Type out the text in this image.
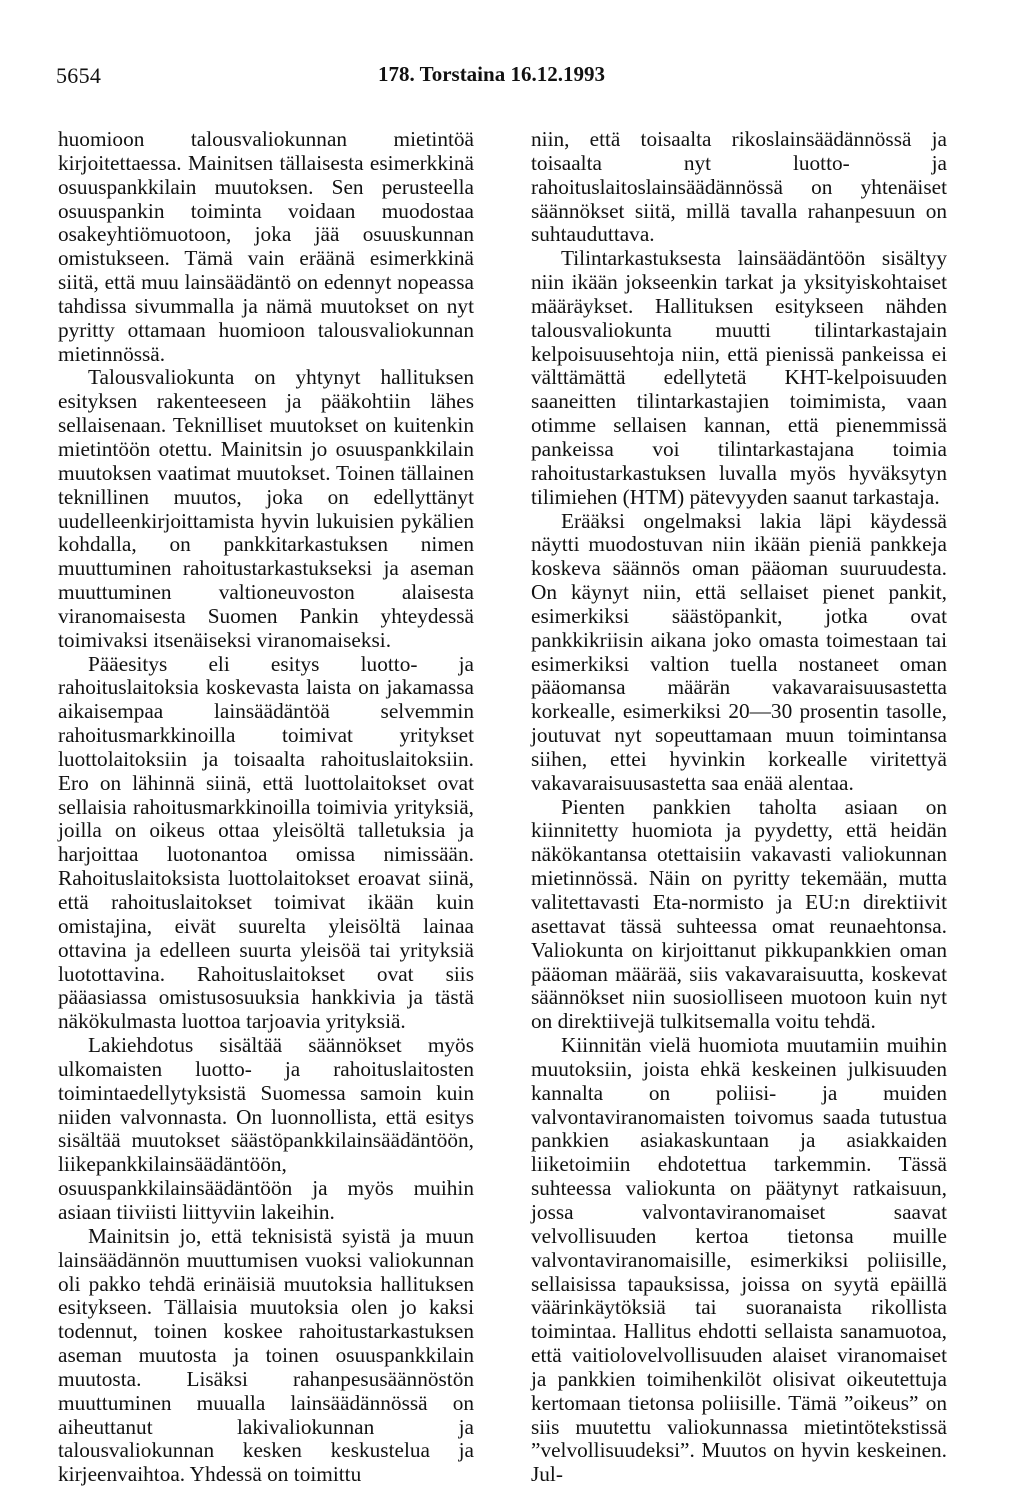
5654	178. Torstaina 16.12.1993

huomioon talousvaliokunnan mietintöä kirjoitettaessa. Mainitsen tällaisesta esimerkkinä osuuspankkilain muutoksen. Sen perusteella osuuspankin toiminta voidaan muodostaa osakeyhtiömuotoon, joka jää osuuskunnan omistukseen. Tämä vain eräänä esimerkkinä siitä, että muu lainsäädäntö on edennyt nopeassa tahdissa sivummalla ja nämä muutokset on nyt pyritty ottamaan huomioon talousvaliokunnan mietinnössä.

Talousvaliokunta on yhtynyt hallituksen esityksen rakenteeseen ja pääkohtiin lähes sellaisenaan. Teknilliset muutokset on kuitenkin mietintöön otettu. Mainitsin jo osuuspankkilain muutoksen vaatimat muutokset. Toinen tällainen teknillinen muutos, joka on edellyttänyt uudelleenkirjoittamista hyvin lukuisien pykälien kohdalla, on pankkitarkastuksen nimen muuttuminen rahoitustarkastukseksi ja aseman muuttuminen valtioneuvoston alaisesta viranomaisesta Suomen Pankin yhteydessä toimivaksi itsenäiseksi viranomaiseksi.

Pääesitys eli esitys luotto- ja rahoituslaitoksia koskevasta laista on jakamassa aikaisempaa lainsäädäntöä selvemmin rahoitusmarkkinoilla toimivat yritykset luottolaitoksiin ja toisaalta rahoituslaitoksiin. Ero on lähinnä siinä, että luottolaitokset ovat sellaisia rahoitusmarkkinoilla toimivia yrityksiä, joilla on oikeus ottaa yleisöltä talletuksia ja harjoittaa luotonantoa omissa nimissään. Rahoituslaitoksista luottolaitokset eroavat siinä, että rahoituslaitokset toimivat ikään kuin omistajina, eivät suurelta yleisöltä lainaa ottavina ja edelleen suurta yleisöä tai yrityksiä luotottavina. Rahoituslaitokset ovat siis pääasiassa omistusosuuksia hankkivia ja tästä näkökulmasta luottoa tarjoavia yrityksiä.

Lakiehdotus sisältää säännökset myös ulkomaisten luotto- ja rahoituslaitosten toimintaedellytyksistä Suomessa samoin kuin niiden valvonnasta. On luonnollista, että esitys sisältää muutokset säästöpankkilainsäädäntöön, liikepankkilainsäädäntöön, osuuspankkilainsäädäntöön ja myös muihin asiaan tiiviisti liittyviin lakeihin.

Mainitsin jo, että teknisistä syistä ja muun lainsäädännön muuttumisen vuoksi valiokunnan oli pakko tehdä erinäisiä muutoksia hallituksen esitykseen. Tällaisia muutoksia olen jo kaksi todennut, toinen koskee rahoitustarkastuksen aseman muutosta ja toinen osuuspankkilain muutosta. Lisäksi rahanpesusäännöstön muuttuminen muualla lainsäädännössä on aiheuttanut lakivaliokunnan ja talousvaliokunnan kesken keskustelua ja kirjeenvaihtoa. Yhdessä on toimittu

niin, että toisaalta rikoslainsäädännössä ja toisaalta nyt luotto- ja rahoituslaitoslainsäädännössä on yhtenäiset säännökset siitä, millä tavalla rahanpesuun on suhtauduttava.

Tilintarkastuksesta lainsäädäntöön sisältyy niin ikään jokseenkin tarkat ja yksityiskohtaiset määräykset. Hallituksen esitykseen nähden talousvaliokunta muutti tilintarkastajain kelpoisuusehtoja niin, että pienissä pankeissa ei välttämättä edellytetä KHT-kelpoisuuden saaneitten tilintarkastajien toimimista, vaan otimme sellaisen kannan, että pienemmissä pankeissa voi tilintarkastajana toimia rahoitustarkastuksen luvalla myös hyväksytyn tilimiehen (HTM) pätevyyden saanut tarkastaja.

Erääksi ongelmaksi lakia läpi käydessä näytti muodostuvan niin ikään pieniä pankkeja koskeva säännös oman pääoman suuruudesta. On käynyt niin, että sellaiset pienet pankit, esimerkiksi säästöpankit, jotka ovat pankkikriisin aikana joko omasta toimestaan tai esimerkiksi valtion tuella nostaneet oman pääomansa määrän vakavaraisuusastetta korkealle, esimerkiksi 20—30 prosentin tasolle, joutuvat nyt sopeuttamaan muun toimintansa siihen, ettei hyvinkin korkealle viritettyä vakavaraisuusastetta saa enää alentaa.

Pienten pankkien taholta asiaan on kiinnitetty huomiota ja pyydetty, että heidän näkökantansa otettaisiin vakavasti valiokunnan mietinnössä. Näin on pyritty tekemään, mutta valitettavasti Eta-normisto ja EU:n direktiivit asettavat tässä suhteessa omat reunaehtonsa. Valiokunta on kirjoittanut pikkupankkien oman pääoman määrää, siis vakavaraisuutta, koskevat säännökset niin suosiolliseen muotoon kuin nyt on direktiivejä tulkitsemalla voitu tehdä.

Kiinnitän vielä huomiota muutamiin muihin muutoksiin, joista ehkä keskeinen julkisuuden kannalta on poliisi- ja muiden valvontaviranomaisten toivomus saada tutustua pankkien asiakaskuntaan ja asiakkaiden liiketoimiin ehdotettua tarkemmin. Tässä suhteessa valiokunta on päätynyt ratkaisuun, jossa valvontaviranomaiset saavat velvollisuuden kertoa tietonsa muille valvontaviranomaisille, esimerkiksi poliisille, sellaisissa tapauksissa, joissa on syytä epäillä väärinkäytöksiä tai suoranaista rikollista toimintaa. Hallitus ehdotti sellaista sanamuotoa, että vaitiolovelvollisuuden alaiset viranomaiset ja pankkien toimihenkilöt olisivat oikeutettuja kertomaan tietonsa poliisille. Tämä ”oikeus” on siis muutettu valiokunnassa mietintötekstissä ”velvollisuudeksi”. Muutos on hyvin keskeinen. Jul-
